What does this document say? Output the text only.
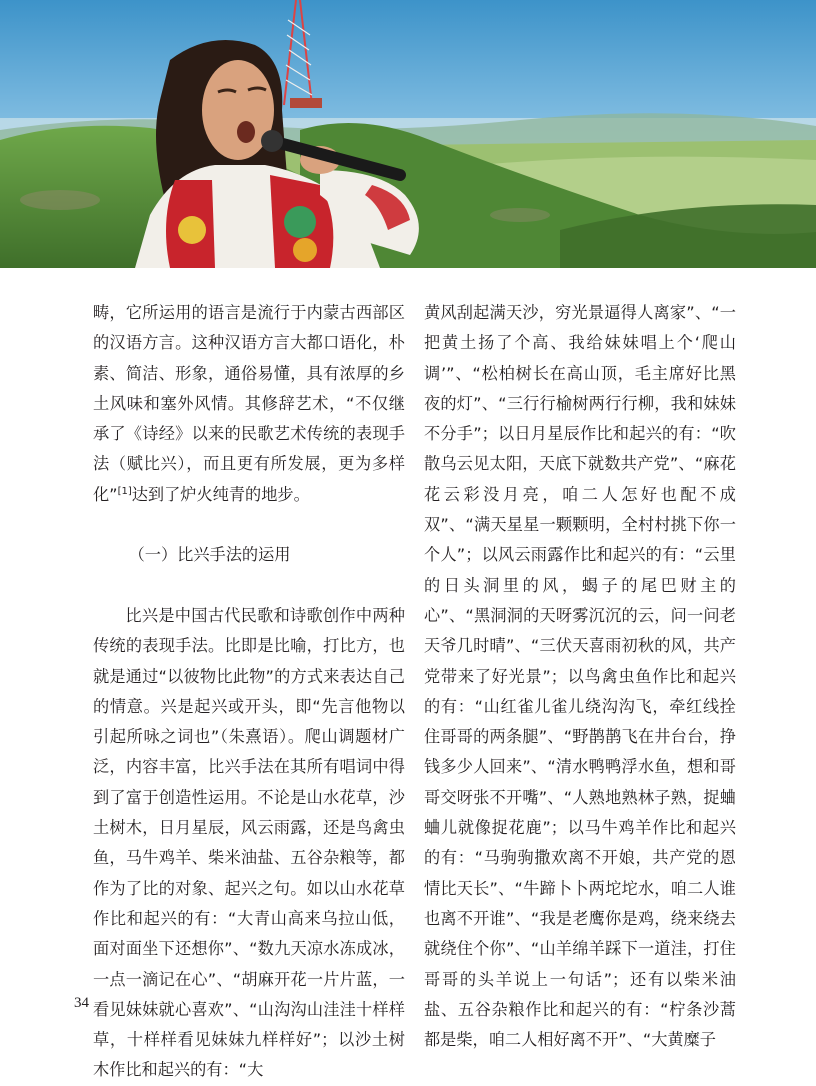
畴，它所运用的语言是流行于内蒙古西部区的汉语方言。这种汉语方言大都口语化，朴素、简洁、形象，通俗易懂，具有浓厚的乡土风味和塞外风情。其修辞艺术，“不仅继承了《诗经》以来的民歌艺术传统的表现手法（赋比兴），而且更有所发展，更为多样化”[1]达到了炉火纯青的地步。

（一）比兴手法的运用

比兴是中国古代民歌和诗歌创作中两种传统的表现手法。比即是比喻，打比方，也就是通过“以彼物比此物”的方式来表达自己的情意。兴是起兴或开头，即“先言他物以引起所咏之词也”（朱熹语）。爬山调题材广泛，内容丰富，比兴手法在其所有唱词中得到了富于创造性运用。不论是山水花草，沙土树木，日月星辰，风云雨露，还是鸟禽虫鱼，马牛鸡羊、柴米油盐、五谷杂粮等，都作为了比的对象、起兴之句。如以山水花草作比和起兴的有：“大青山高来乌拉山低，面对面坐下还想你”、“数九天凉水冻成冰，一点一滴记在心”、“胡麻开花一片片蓝，一看见妹妹就心喜欢”、“山沟沟山洼洼十样样草，十样样看见妹妹九样样好”；以沙土树木作比和起兴的有：“大

黄风刮起满天沙，穷光景逼得人离家”、“一把黄土扬了个高、我给妹妹唱上个‘爬山调’”、“松柏树长在高山顶，毛主席好比黑夜的灯”、“三行行榆树两行行柳，我和妹妹不分手”；以日月星辰作比和起兴的有：“吹散乌云见太阳，天底下就数共产党”、“麻花花云彩没月亮，咱二人怎好也配不成双”、“满天星星一颗颗明，全村村挑下你一个人”；以风云雨露作比和起兴的有：“云里的日头洞里的风，蝎子的尾巴财主的心”、“黑洞洞的天呀雾沉沉的云，问一问老天爷几时晴”、“三伏天喜雨初秋的风，共产党带来了好光景”；以鸟禽虫鱼作比和起兴的有：“山红雀儿雀儿绕沟沟飞，牵红线拴住哥哥的两条腿”、“野鹊鹊飞在井台台，挣钱多少人回来”、“清水鸭鸭浮水鱼，想和哥哥交呀张不开嘴”、“人熟地熟林子熟，捉蛐蛐儿就像捉花鹿”；以马牛鸡羊作比和起兴的有：“马驹驹撒欢离不开娘，共产党的恩情比天长”、“牛蹄卜卜两坨坨水，咱二人谁也离不开谁”、“我是老鹰你是鸡，绕来绕去就绕住个你”、“山羊绵羊踩下一道洼，打住哥哥的头羊说上一句话”；还有以柴米油盐、五谷杂粮作比和起兴的有：“柠条沙蒿都是柴，咱二人相好离不开”、“大黄糜子

34
